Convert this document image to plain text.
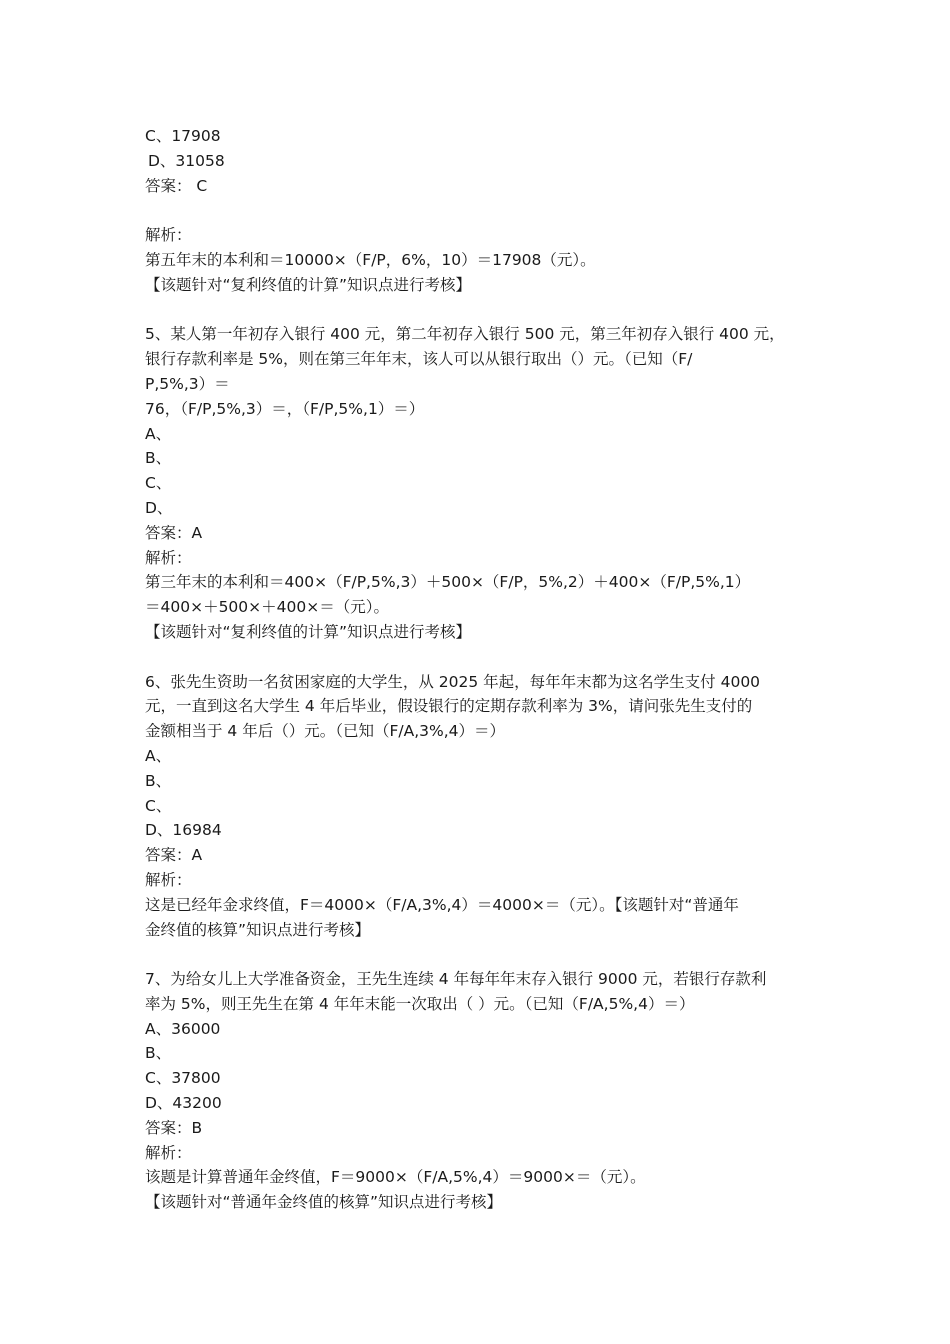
C、17908
D、31058
答案： C
解析：
第五年末的本利和＝10000×（F/P，6%，10）＝17908（元）。
【该题针对“复利终值的计算”知识点进行考核】
5、某人第一年初存入银行 400 元，第二年初存入银行 500 元，第三年初存入银行 400 元，
银行存款利率是 5%，则在第三年年末，该人可以从银行取出（）元。（已知（F/
P,5%,3）＝
76，（F/P,5%,3）＝，（F/P,5%,1）＝）
A、
B、
C、
D、
答案：A
解析：
第三年末的本利和＝400×（F/P,5%,3）＋500×（F/P，5%,2）＋400×（F/P,5%,1）
＝400×＋500×＋400×＝（元）。
【该题针对“复利终值的计算”知识点进行考核】
6、张先生资助一名贫困家庭的大学生，从 2025 年起，每年年末都为这名学生支付 4000
元，一直到这名大学生 4 年后毕业，假设银行的定期存款利率为 3%，请问张先生支付的
金额相当于 4 年后（）元。（已知（F/A,3%,4）＝）
A、
B、
C、
D、16984
答案：A
解析：
这是已经年金求终值，F＝4000×（F/A,3%,4）＝4000×＝（元）。【该题针对“普通年
金终值的核算”知识点进行考核】
7、为给女儿上大学准备资金，王先生连续 4 年每年年末存入银行 9000 元，若银行存款利
率为 5%，则王先生在第 4 年年末能一次取出（ ）元。（已知（F/A,5%,4）＝）
A、36000
B、
C、37800
D、43200
答案：B
解析：
该题是计算普通年金终值，F＝9000×（F/A,5%,4）＝9000×＝（元）。
【该题针对“普通年金终值的核算”知识点进行考核】
